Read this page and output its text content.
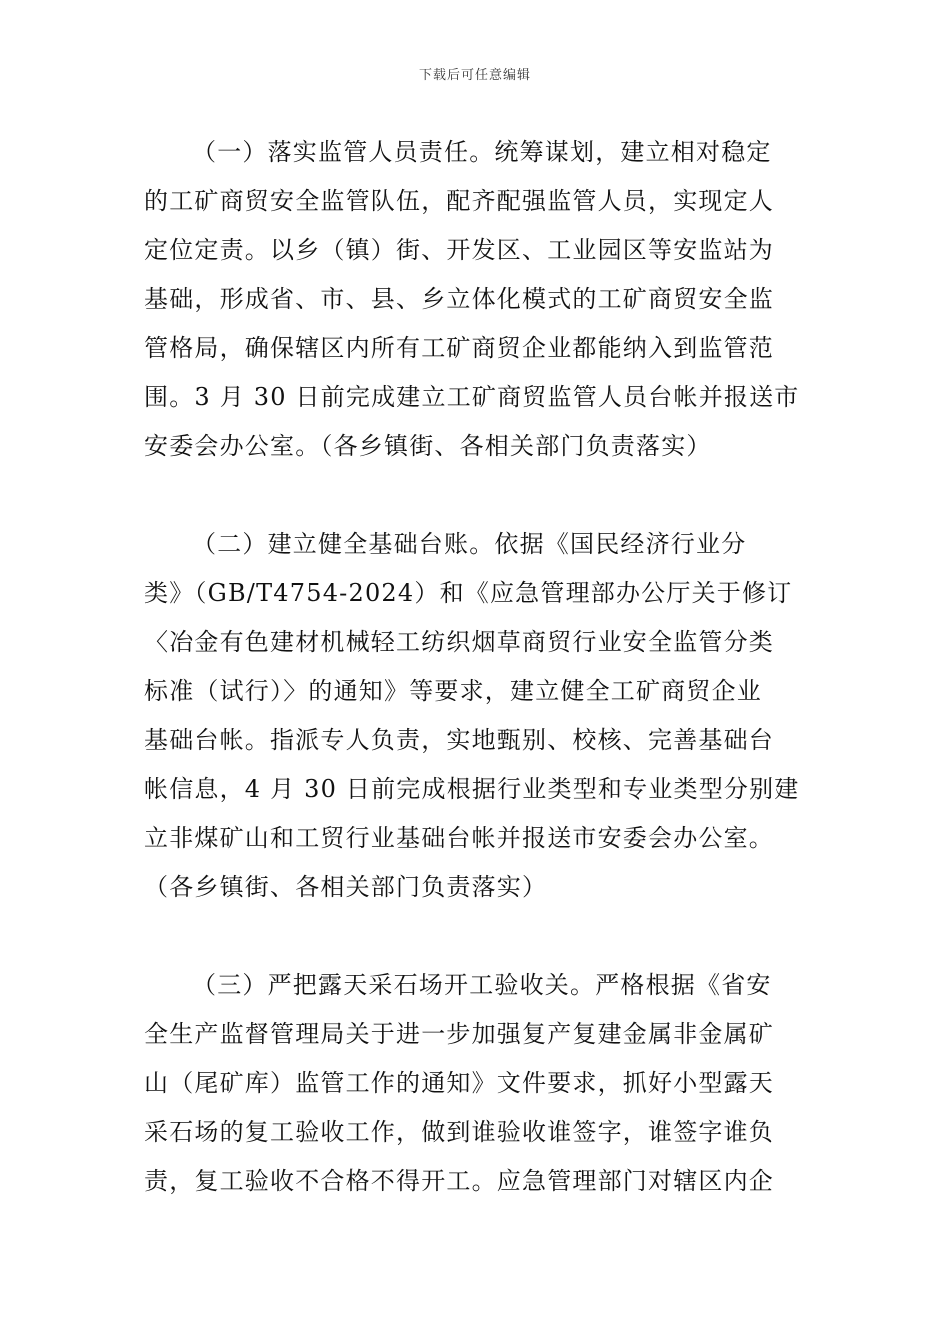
下载后可任意编辑
（一）落实监管人员责任。统筹谋划，建立相对稳定
的工矿商贸安全监管队伍，配齐配强监管人员，实现定人
定位定责。以乡（镇）街、开发区、工业园区等安监站为
基础，形成省、市、县、乡立体化模式的工矿商贸安全监
管格局，确保辖区内所有工矿商贸企业都能纳入到监管范
围。3 月 30 日前完成建立工矿商贸监管人员台帐并报送市
安委会办公室。（各乡镇街、各相关部门负责落实）
（二）建立健全基础台账。依据《国民经济行业分
类》（GB/T4754-2024）和《应急管理部办公厅关于修订
〈冶金有色建材机械轻工纺织烟草商贸行业安全监管分类
标准（试行）〉的通知》等要求，建立健全工矿商贸企业
基础台帐。指派专人负责，实地甄别、校核、完善基础台
帐信息，4 月 30 日前完成根据行业类型和专业类型分别建
立非煤矿山和工贸行业基础台帐并报送市安委会办公室。
（各乡镇街、各相关部门负责落实）
（三）严把露天采石场开工验收关。严格根据《省安
全生产监督管理局关于进一步加强复产复建金属非金属矿
山（尾矿库）监管工作的通知》文件要求，抓好小型露天
采石场的复工验收工作，做到谁验收谁签字，谁签字谁负
责，复工验收不合格不得开工。应急管理部门对辖区内企
